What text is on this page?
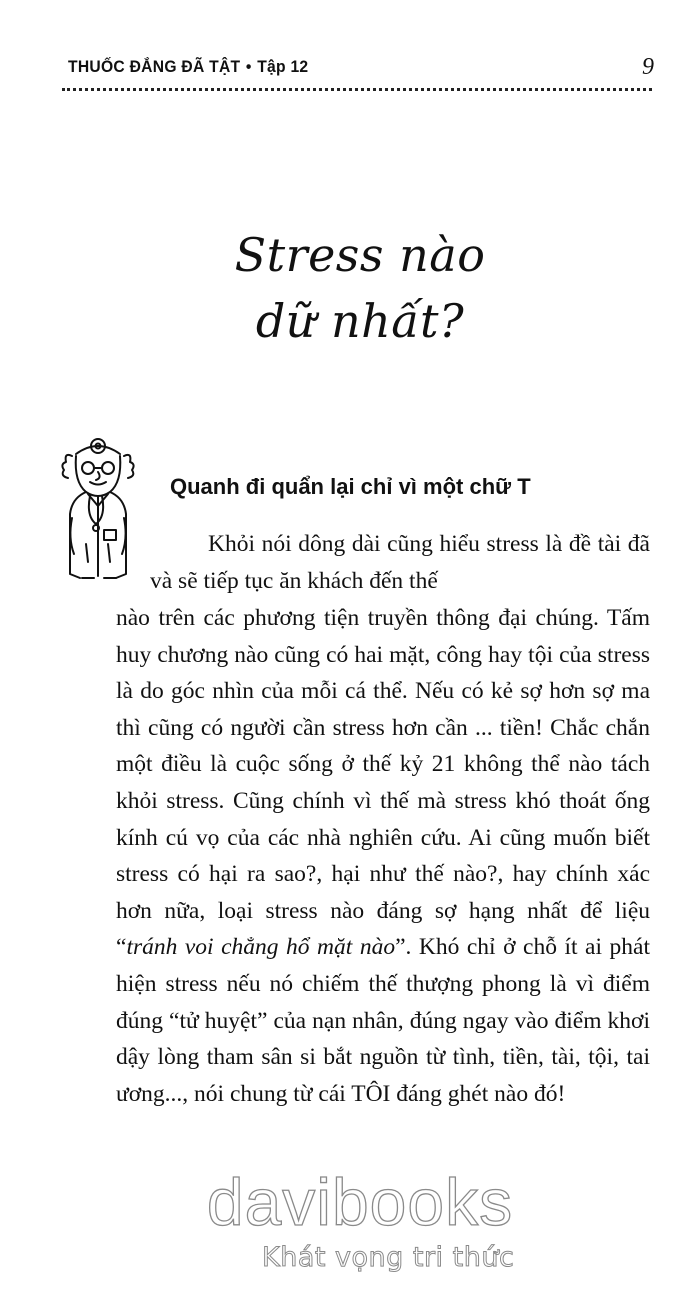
THUỐC ĐẮNG ĐÃ TẬT • Tập 12	9
Stress nào
dữ nhất?
Quanh đi quẩn lại chỉ vì một chữ T

Khỏi nói dông dài cũng hiểu stress là đề tài đã và sẽ tiếp tục ăn khách đến thế

nào trên các phương tiện truyền thông đại chúng. Tấm huy chương nào cũng có hai mặt, công hay tội của stress là do góc nhìn của mỗi cá thể. Nếu có kẻ sợ hơn sợ ma thì cũng có người cần stress hơn cần ... tiền! Chắc chắn một điều là cuộc sống ở thế kỷ 21 không thể nào tách khỏi stress. Cũng chính vì thế mà stress khó thoát ống kính cú vọ của các nhà nghiên cứu. Ai cũng muốn biết stress có hại ra sao?, hại như thế nào?, hay chính xác hơn nữa, loại stress nào đáng sợ hạng nhất để liệu “tránh voi chẳng hổ mặt nào”. Khó chỉ ở chỗ ít ai phát hiện stress nếu nó chiếm thế thượng phong là vì điểm đúng “tử huyệt” của nạn nhân, đúng ngay vào điểm khơi dậy lòng tham sân si bắt nguồn từ tình, tiền, tài, tội, tai ương..., nói chung từ cái TÔI đáng ghét nào đó!

davibooks
Khát vọng tri thức
